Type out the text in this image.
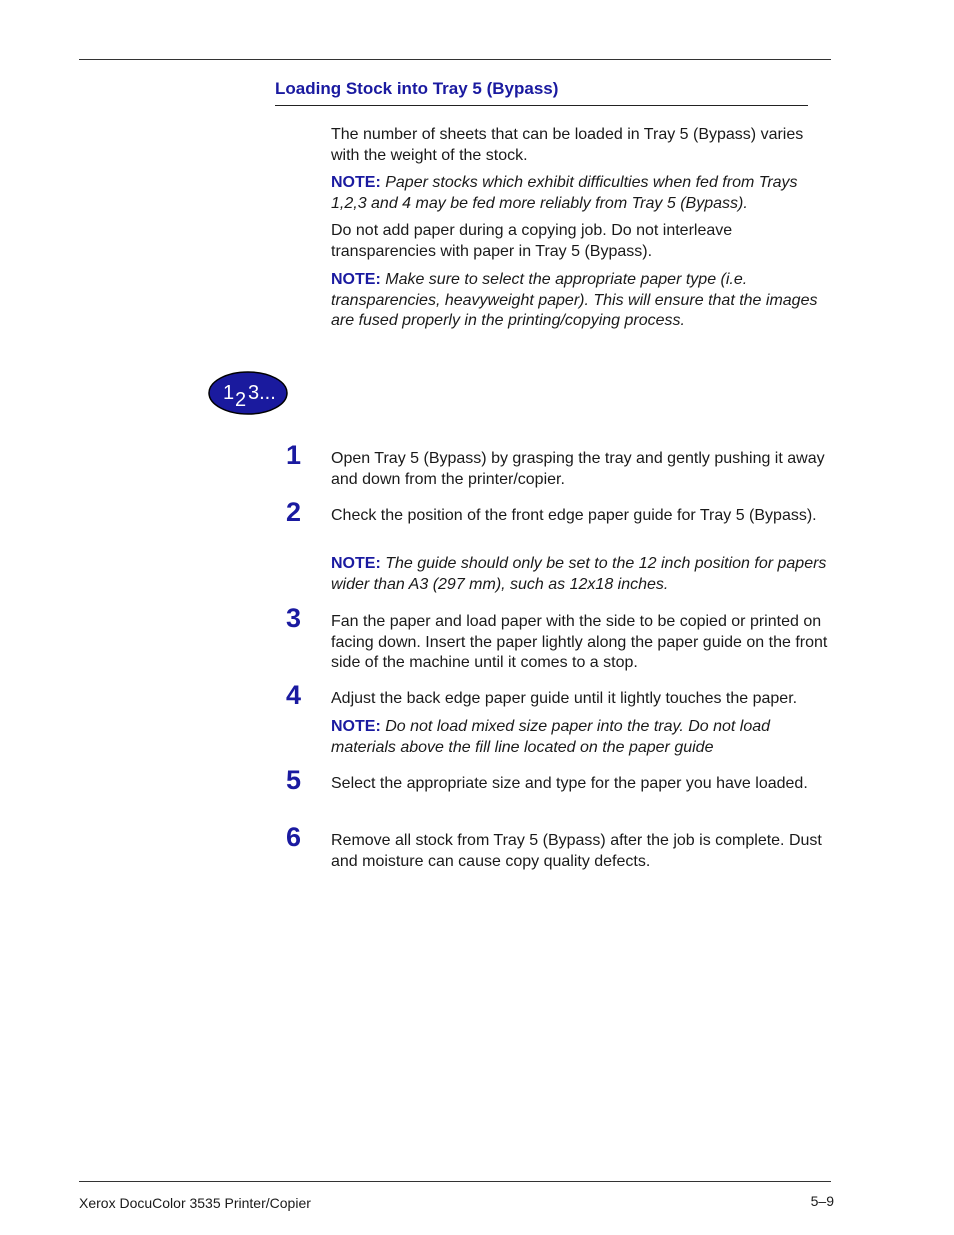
Loading Stock into Tray 5 (Bypass)

The number of sheets that can be loaded in Tray 5 (Bypass) varies with the weight of the stock.

NOTE: Paper stocks which exhibit difficulties when fed from Trays 1,2,3 and 4 may be fed more reliably from Tray 5 (Bypass).

Do not add paper during a copying job. Do not interleave transparencies with paper in Tray 5 (Bypass).

NOTE: Make sure to select the appropriate paper type (i.e. transparencies, heavyweight paper). This will ensure that the images are fused properly in the printing/copying process.

1 2 3...
1 Open Tray 5 (Bypass) by grasping the tray and gently pushing it away and down from the printer/copier.

2 Check the position of the front edge paper guide for Tray 5 (Bypass).

NOTE: The guide should only be set to the 12 inch position for papers wider than A3 (297 mm), such as 12x18 inches.

3 Fan the paper and load paper with the side to be copied or printed on facing down. Insert the paper lightly along the paper guide on the front side of the machine until it comes to a stop.

4 Adjust the back edge paper guide until it lightly touches the paper.

NOTE: Do not load mixed size paper into the tray. Do not load materials above the fill line located on the paper guide

5 Select the appropriate size and type for the paper you have loaded.

6 Remove all stock from Tray 5 (Bypass) after the job is complete. Dust and moisture can cause copy quality defects.

Xerox DocuColor 3535 Printer/Copier	5–9
